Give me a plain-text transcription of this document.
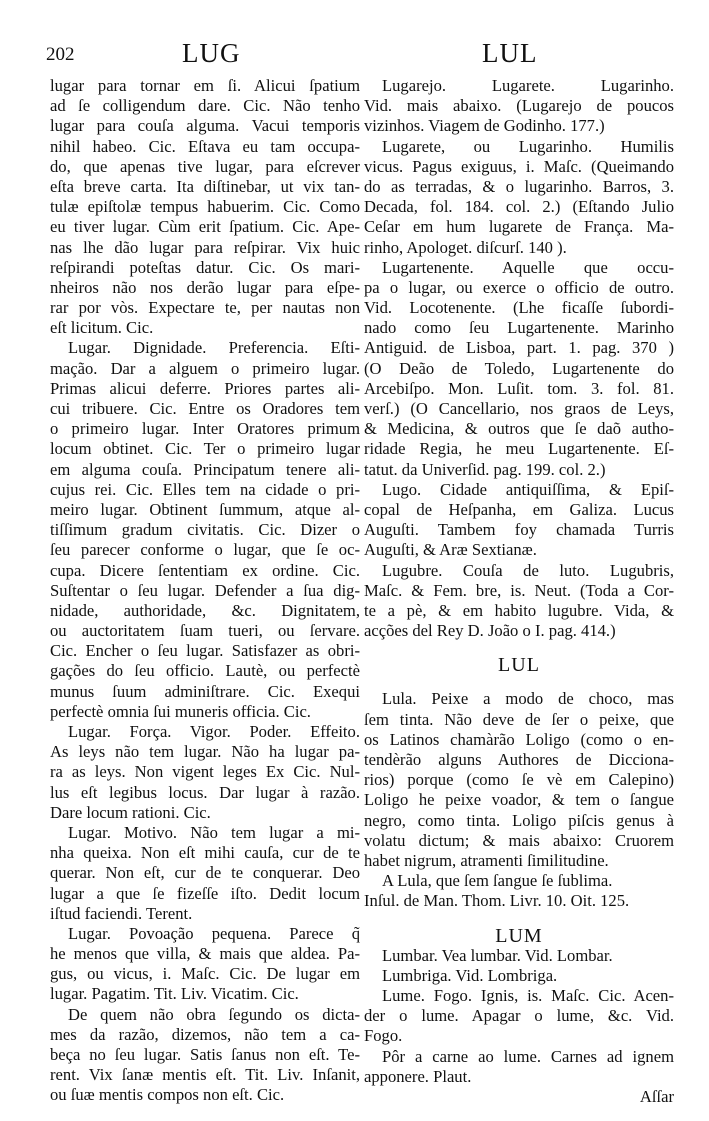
202	LUG	LUL
lugar para tornar em ſi. Alicui ſpatium
ad ſe colligendum dare. Cic. Não tenho
lugar para couſa alguma. Vacui temporis
nihil habeo. Cic. Eſtava eu tam occupa-
do, que apenas tive lugar, para eſcrever
eſta breve carta. Ita diſtinebar, ut vix tan-
tulæ epiſtolæ tempus habuerim. Cic. Como
eu tiver lugar. Cùm erit ſpatium. Cic. Ape-
nas lhe dão lugar para reſpirar. Vix huic
reſpirandi poteſtas datur. Cic. Os mari-
nheiros não nos derão lugar para eſpe-
rar por vòs. Expectare te, per nautas non
eſt licitum. Cic.
Lugar. Dignidade. Preferencia. Eſti-
mação. Dar a alguem o primeiro lugar.
Primas alicui deferre. Priores partes ali-
cui tribuere. Cic. Entre os Oradores tem
o primeiro lugar. Inter Oratores primum
locum obtinet. Cic. Ter o primeiro lugar
em alguma couſa. Principatum tenere ali-
cujus rei. Cic. Elles tem na cidade o pri-
meiro lugar. Obtinent ſummum, atque al-
tiſſimum gradum civitatis. Cic. Dizer o
ſeu parecer conforme o lugar, que ſe oc-
cupa. Dicere ſententiam ex ordine. Cic.
Suſtentar o ſeu lugar. Defender a ſua dig-
nidade, authoridade, &c. Dignitatem,
ou auctoritatem ſuam tueri, ou ſervare.
Cic. Encher o ſeu lugar. Satisfazer as obri-
gações do ſeu officio. Lautè, ou perfectè
munus ſuum adminiſtrare. Cic. Exequi
perfectè omnia ſui muneris officia. Cic.
Lugar. Força. Vigor. Poder. Effeito.
As leys não tem lugar. Não ha lugar pa-
ra as leys. Non vigent leges Ex Cic. Nul-
lus eſt legibus locus. Dar lugar à razão.
Dare locum rationi. Cic.
Lugar. Motivo. Não tem lugar a mi-
nha queixa. Non eſt mihi cauſa, cur de te
querar. Non eſt, cur de te conquerar. Deo
lugar a que ſe fizeſſe iſto. Dedit locum
iſtud faciendi. Terent.
Lugar. Povoação pequena. Parece q̃
he menos que villa, & mais que aldea. Pa-
gus, ou vicus, i. Maſc. Cic. De lugar em
lugar. Pagatim. Tit. Liv. Vicatim. Cic.
De quem não obra ſegundo os dicta-
mes da razão, dizemos, não tem a ca-
beça no ſeu lugar. Satis ſanus non eſt. Te-
rent. Vix ſanæ mentis eſt. Tit. Liv. Inſanit,
ou ſuæ mentis compos non eſt. Cic.
Lugarejo. Lugarete. Lugarinho.
Vid. mais abaixo. (Lugarejo de poucos
vizinhos. Viagem de Godinho. 177.)
Lugarete, ou Lugarinho. Humilis
vicus. Pagus exiguus, i. Maſc. (Queimando
do as terradas, & o lugarinho. Barros, 3.
Decada, fol. 184. col. 2.) (Eſtando Julio
Ceſar em hum lugarete de França. Ma-
rinho, Apologet. diſcurſ. 140 ).
Lugartenente. Aquelle que occu-
pa o lugar, ou exerce o officio de outro.
Vid. Locotenente. (Lhe ficaſſe ſubordi-
nado como ſeu Lugartenente. Marinho
Antiguid. de Lisboa, part. 1. pag. 370 )
(O Deão de Toledo, Lugartenente do
Arcebiſpo. Mon. Luſit. tom. 3. fol. 81.
verſ.) (O Cancellario, nos graos de Leys,
& Medicina, & outros que ſe daõ autho-
ridade Regia, he meu Lugartenente. Eſ-
tatut. da Univerſid. pag. 199. col. 2.)
Lugo. Cidade antiquiſſima, & Epiſ-
copal de Heſpanha, em Galiza. Lucus
Auguſti. Tambem foy chamada Turris
Auguſti, & Aræ Sextianæ.
Lugubre. Couſa de luto. Lugubris,
Maſc. & Fem. bre, is. Neut. (Toda a Cor-
te a pè, & em habito lugubre. Vida, &
acções del Rey D. João o I. pag. 414.)
LUL
Lula. Peixe a modo de choco, mas
ſem tinta. Não deve de ſer o peixe, que
os Latinos chamàrão Loligo (como o en-
tendèrão alguns Authores de Diccionа-
rios) porque (como ſe vè em Calepino)
Loligo he peixe voador, & tem o ſangue
negro, como tinta. Loligo piſcis genus à
volatu dictum; & mais abaixo: Cruorem
habet nigrum, atramenti ſimilitudine.
A Lula, que ſem ſangue ſe ſublima.
Inſul. de Man. Thom. Livr. 10. Oit. 125.
LUM
Lumbar. Vea lumbar. Vid. Lombar.
Lumbriga. Vid. Lombriga.
Lume. Fogo. Ignis, is. Maſc. Cic. Acen-
der o lume. Apagar o lume, &c. Vid.
Fogo.
Pôr a carne ao lume. Carnes ad ignem
apponere. Plaut.
Aſſar
